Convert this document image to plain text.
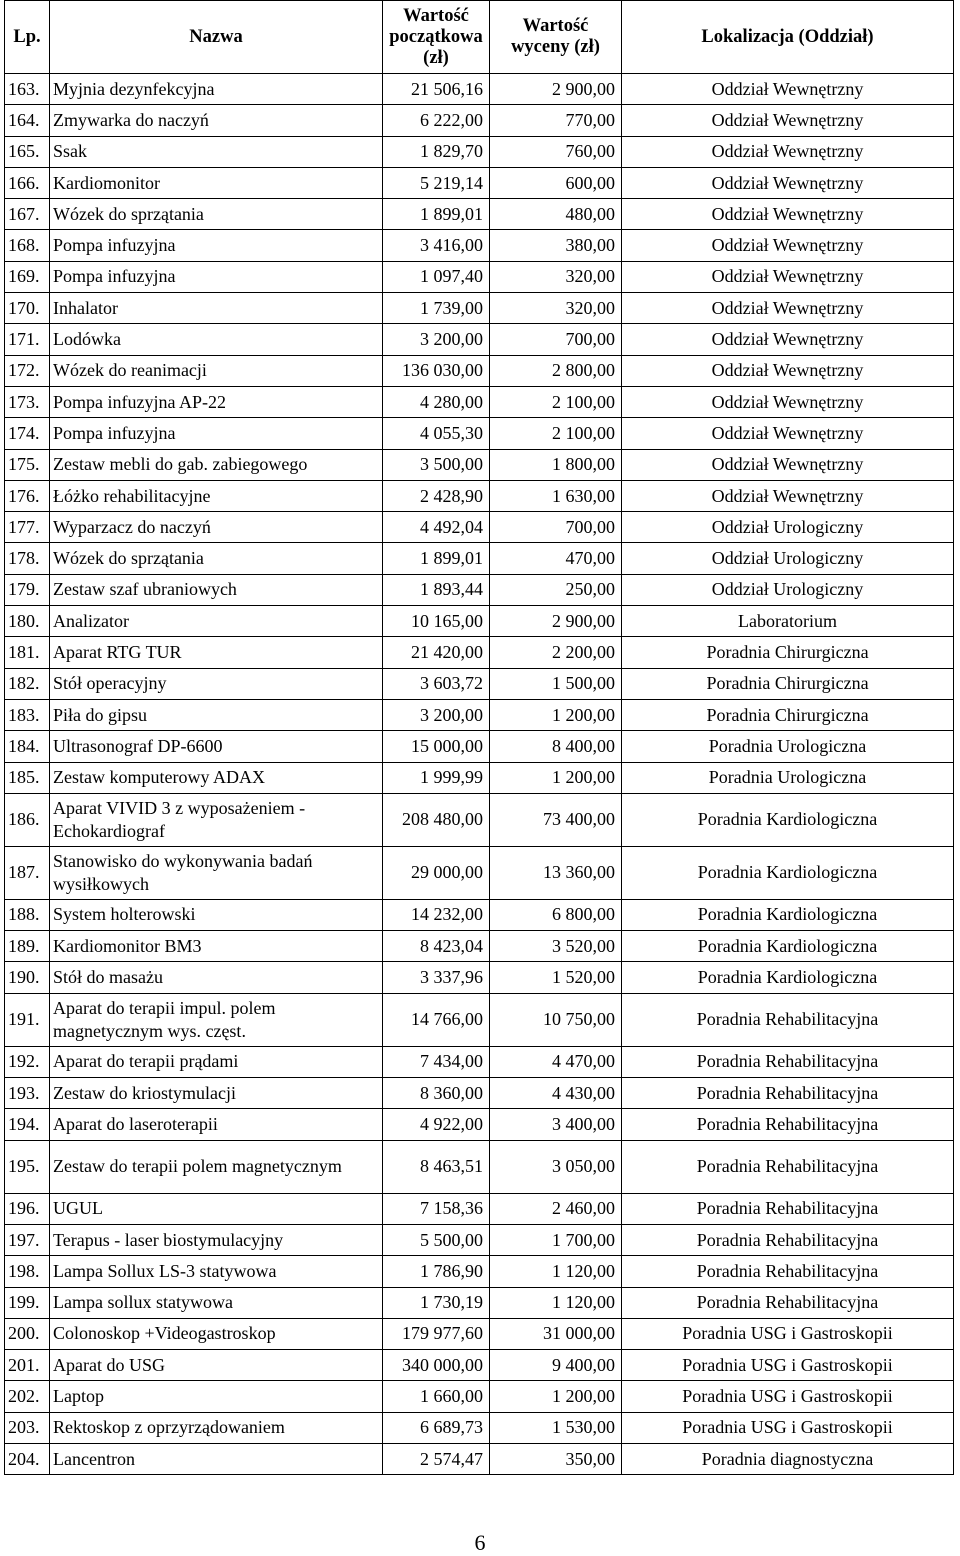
Lp.	Nazwa	Wartość początkowa (zł)	Wartość wyceny (zł)	Lokalizacja (Oddział)
163.	Myjnia dezynfekcyjna	21 506,16	2 900,00	Oddział Wewnętrzny
164.	Zmywarka do naczyń	6 222,00	770,00	Oddział Wewnętrzny
165.	Ssak	1 829,70	760,00	Oddział Wewnętrzny
166.	Kardiomonitor	5 219,14	600,00	Oddział Wewnętrzny
167.	Wózek do sprzątania	1 899,01	480,00	Oddział Wewnętrzny
168.	Pompa infuzyjna	3 416,00	380,00	Oddział Wewnętrzny
169.	Pompa infuzyjna	1 097,40	320,00	Oddział Wewnętrzny
170.	Inhalator	1 739,00	320,00	Oddział Wewnętrzny
171.	Lodówka	3 200,00	700,00	Oddział Wewnętrzny
172.	Wózek do reanimacji	136 030,00	2 800,00	Oddział Wewnętrzny
173.	Pompa infuzyjna AP-22	4 280,00	2 100,00	Oddział Wewnętrzny
174.	Pompa infuzyjna	4 055,30	2 100,00	Oddział Wewnętrzny
175.	Zestaw mebli do gab. zabiegowego	3 500,00	1 800,00	Oddział Wewnętrzny
176.	Łóżko rehabilitacyjne	2 428,90	1 630,00	Oddział Wewnętrzny
177.	Wyparzacz do naczyń	4 492,04	700,00	Oddział Urologiczny
178.	Wózek do sprzątania	1 899,01	470,00	Oddział Urologiczny
179.	Zestaw szaf ubraniowych	1 893,44	250,00	Oddział Urologiczny
180.	Analizator	10 165,00	2 900,00	Laboratorium
181.	Aparat RTG TUR	21 420,00	2 200,00	Poradnia Chirurgiczna
182.	Stół operacyjny	3 603,72	1 500,00	Poradnia Chirurgiczna
183.	Piła do gipsu	3 200,00	1 200,00	Poradnia Chirurgiczna
184.	Ultrasonograf DP-6600	15 000,00	8 400,00	Poradnia Urologiczna
185.	Zestaw komputerowy ADAX	1 999,99	1 200,00	Poradnia Urologiczna
186.	Aparat VIVID 3 z wyposażeniem - Echokardiograf	208 480,00	73 400,00	Poradnia Kardiologiczna
187.	Stanowisko do wykonywania badań wysiłkowych	29 000,00	13 360,00	Poradnia Kardiologiczna
188.	System holterowski	14 232,00	6 800,00	Poradnia Kardiologiczna
189.	Kardiomonitor BM3	8 423,04	3 520,00	Poradnia Kardiologiczna
190.	Stół do masażu	3 337,96	1 520,00	Poradnia Kardiologiczna
191.	Aparat do terapii impul. polem magnetycznym wys. częst.	14 766,00	10 750,00	Poradnia Rehabilitacyjna
192.	Aparat do terapii prądami	7 434,00	4 470,00	Poradnia Rehabilitacyjna
193.	Zestaw do kriostymulacji	8 360,00	4 430,00	Poradnia Rehabilitacyjna
194.	Aparat do laseroterapii	4 922,00	3 400,00	Poradnia Rehabilitacyjna
195.	Zestaw do terapii polem magnetycznym	8 463,51	3 050,00	Poradnia Rehabilitacyjna
196.	UGUL	7 158,36	2 460,00	Poradnia Rehabilitacyjna
197.	Terapus - laser biostymulacyjny	5 500,00	1 700,00	Poradnia Rehabilitacyjna
198.	Lampa Sollux LS-3 statywowa	1 786,90	1 120,00	Poradnia Rehabilitacyjna
199.	Lampa sollux statywowa	1 730,19	1 120,00	Poradnia Rehabilitacyjna
200.	Colonoskop +Videogastroskop	179 977,60	31 000,00	Poradnia USG i Gastroskopii
201.	Aparat do USG	340 000,00	9 400,00	Poradnia USG i Gastroskopii
202.	Laptop	1 660,00	1 200,00	Poradnia USG i Gastroskopii
203.	Rektoskop z oprzyrządowaniem	6 689,73	1 530,00	Poradnia USG i Gastroskopii
204.	Lancentron	2 574,47	350,00	Poradnia diagnostyczna
6
